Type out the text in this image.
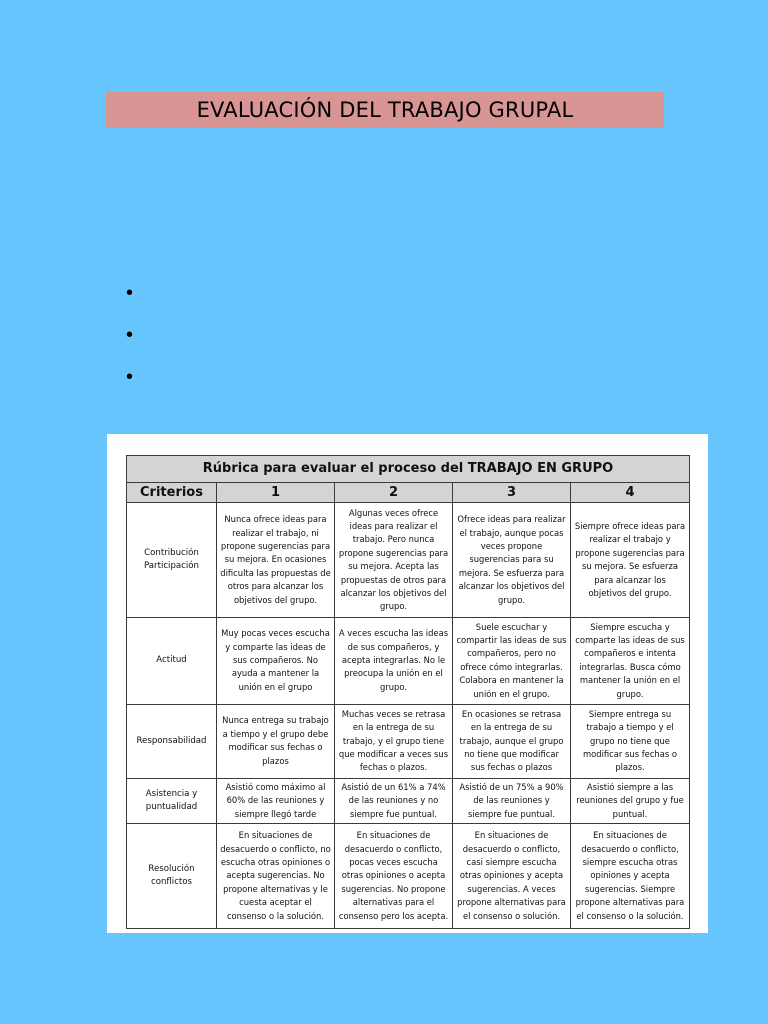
EVALUACIÓN DEL TRABAJO GRUPAL
•
•
•
Rúbrica para evaluar el proceso del TRABAJO EN GRUPO				
Criterios	1	2	3	4
Contribución Participación	Nunca ofrece ideas para realizar el trabajo, ni propone sugerencias para su mejora. En ocasiones dificulta las propuestas de otros para alcanzar los objetivos del grupo.	Algunas veces ofrece ideas para realizar el trabajo. Pero nunca propone sugerencias para su mejora. Acepta las propuestas de otros para alcanzar los objetivos del grupo.	Ofrece ideas para realizar el trabajo, aunque pocas veces propone sugerencias para su mejora. Se esfuerza para alcanzar los objetivos del grupo.	Siempre ofrece ideas para realizar el trabajo y propone sugerencias para su mejora. Se esfuerza para alcanzar los objetivos del grupo.
Actitud	Muy pocas veces escucha y comparte las ideas de sus compañeros. No ayuda a mantener la unión en el grupo	A veces escucha las ideas de sus compañeros, y acepta integrarlas. No le preocupa la unión en el grupo.	Suele escuchar y compartir las ideas de sus compañeros, pero no ofrece cómo integrarlas. Colabora en mantener la unión en el grupo.	Siempre escucha y comparte las ideas de sus compañeros e intenta integrarlas. Busca cómo mantener la unión en el grupo.
Responsabilidad	Nunca entrega su trabajo a tiempo y el grupo debe modificar sus fechas o plazos	Muchas veces se retrasa en la entrega de su trabajo, y el grupo tiene que modificar a veces sus fechas o plazos.	En ocasiones se retrasa en la entrega de su trabajo, aunque el grupo no tiene que modificar sus fechas o plazos	Siempre entrega su trabajo a tiempo y el grupo no tiene que modificar sus fechas o plazos.
Asistencia y puntualidad	Asistió como máximo al 60% de las reuniones y siempre llegó tarde	Asistió de un 61% a 74% de las reuniones y no siempre fue puntual.	Asistió de un 75% a 90% de las reuniones y siempre fue puntual.	Asistió siempre a las reuniones del grupo y fue puntual.
Resolución conflictos	En situaciones de desacuerdo o conflicto, no escucha otras opiniones o acepta sugerencias. No propone alternativas y le cuesta aceptar el consenso o la solución.	En situaciones de desacuerdo o conflicto, pocas veces escucha otras opiniones o acepta sugerencias. No propone alternativas para el consenso pero los acepta.	En situaciones de desacuerdo o conflicto, casi siempre escucha otras opiniones y acepta sugerencias. A veces propone alternativas para el consenso o solución.	En situaciones de desacuerdo o conflicto, siempre escucha otras opiniones y acepta sugerencias. Siempre propone alternativas para el consenso o la solución.
